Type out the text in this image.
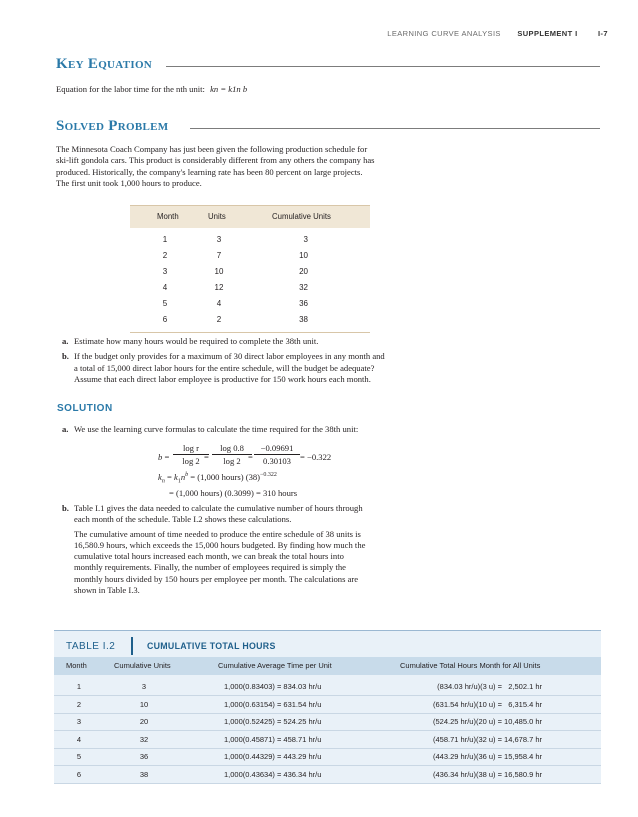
LEARNING CURVE ANALYSIS SUPPLEMENT I	I-7
Key Equation
Equation for the labor time for the nth unit: kn = k1n b
Solved Problem
The Minnesota Coach Company has just been given the following production schedule for
ski-lift gondola cars. This product is considerably different from any others the company has
produced. Historically, the company's learning rate has been 80 percent on large projects.
The first unit took 1,000 hours to produce.
Month	Units	Cumulative Units
1	3	3
2	7	10
3	10	20
4	12	32
5	4	36
6	2	38
a. Estimate how many hours would be required to complete the 38th unit.
b. If the budget only provides for a maximum of 30 direct labor employees in any month and
a total of 15,000 direct labor hours for the entire schedule, will the budget be adequate?
Assume that each direct labor employee is productive for 150 work hours each month.
SOLUTION
a. We use the learning curve formulas to calculate the time required for the 38th unit:
$b = \frac{\text{log r}}{\log 2}$
= $\frac{\log 0.8}{\log 2}$
= $\frac{-0.09691}{0.30103} = -0.322$
$k_n = k_1n^b = (1,000$ hours) $(38)^{-0.322}$
= (1,000 hours) (0.3099) = 310 hours
b. Table I.1 gives the data needed to calculate the cumulative number of hours through
each month of the schedule. Table I.2 shows these calculations.
The cumulative amount of time needed to produce the entire schedule of 38 units is
16,580.9 hours, which exceeds the 15,000 hours budgeted. By finding how much the
cumulative total hours increased each month, we can break the total hours into
monthly requirements. Finally, the number of employees required is simply the
monthly hours divided by 150 hours per employee per month. The calculations are
shown in Table I.3.
TABLE I.2	CUMULATIVE TOTAL HOURS
Month	Cumulative Units	Cumulative Average Time per Unit	Cumulative Total Hours Month for All Units
1	3	1,000(0.83403) = 834.03 hr/u	(834.03 hr/u)(3 u) = 2,502.1 hr
2	10	1,000(0.63154) = 631.54 hr/u	(631.54 hr/u)(10 u) = 6,315.4 hr
3	20	1,000(0.52425) = 524.25 hr/u	(524.25 hr/u)(20 u) = 10,485.0 hr
4	32	1,000(0.45871) = 458.71 hr/u	(458.71 hr/u)(32 u) = 14,678.7 hr
5	36	1,000(0.44329) = 443.29 hr/u	(443.29 hr/u)(36 u) = 15,958.4 hr
6	38	1,000(0.43634) = 436.34 hr/u	(436.34 hr/u)(38 u) = 16,580.9 hr
